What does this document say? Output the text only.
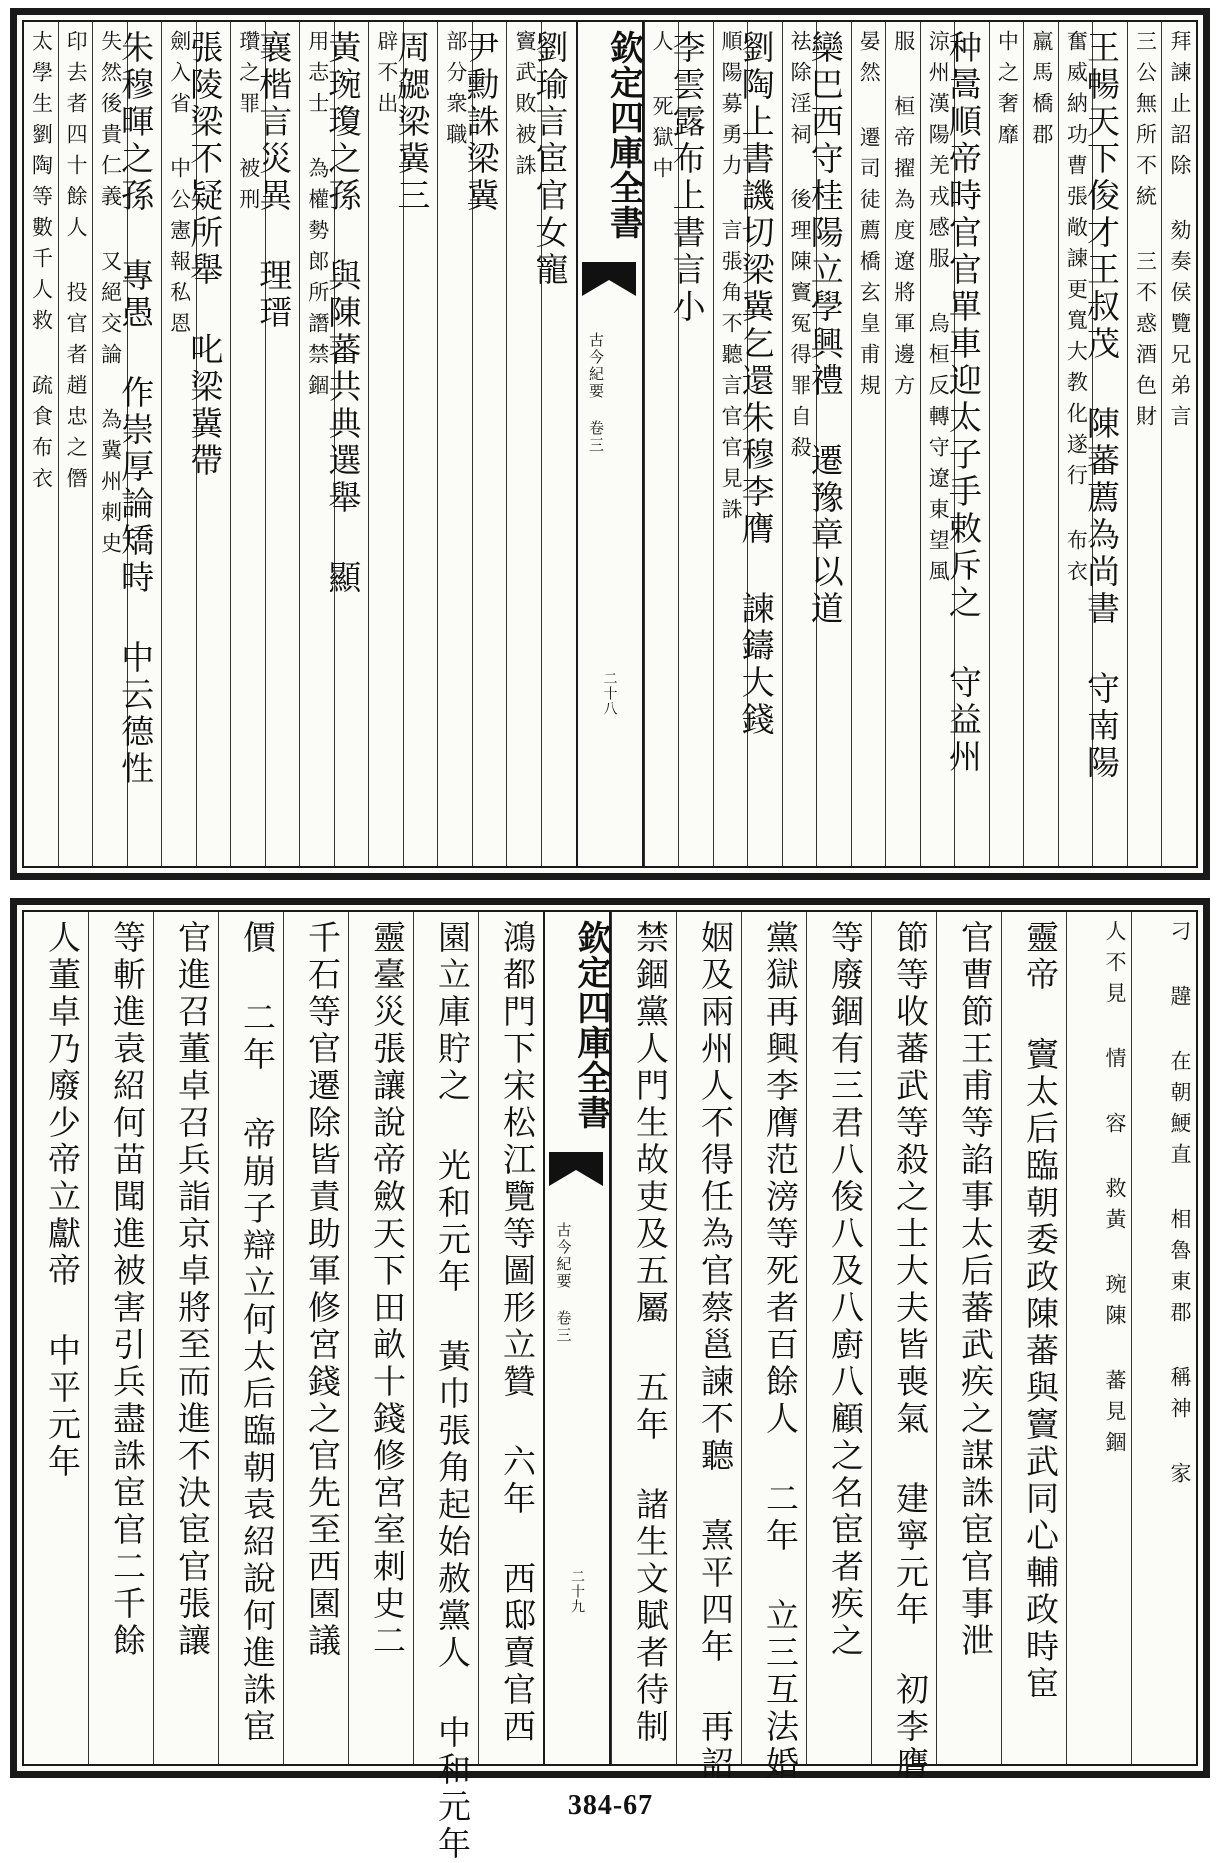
拜諫止詔除 劾奏侯覽兄弟言
三公無所不統 三不惑酒色財
王暢天下俊才王叔茂 陳蕃薦為尚書 守南陽
奮威納功曹張敞諫更寬大教化遂行 布衣
羸馬橋郡
中之奢靡
种暠順帝時官官單車迎太子手敕斥之 守益州
涼州漢陽羌戎感服 烏桓反轉守遼東望風
服 桓帝擢為度遼將軍邊方
晏然 遷司徒薦橋玄皇甫規
欒巴西守桂陽立學興禮 遷豫章以道
祛除淫祠 後理陳竇冤得罪自殺
劉陶上書譏切梁冀乞還朱穆李膺 諫鑄大錢
順陽募勇力 言張角不聽言官官見誅
李雲露布上書言小
人 死獄中
欽定四庫全書
古今紀要 卷三
二十八
劉瑜言宦官女寵
竇武敗被誅
尹勳誅梁冀
部分衆職
周勰梁冀三
辟不出
黃琬瓊之孫 與陳蕃共典選舉 顯
用志士 為權勢郎所譖禁錮
襄楷言災異 理瑨
瓚之罪 被刑
張陵梁不疑所舉 叱梁冀帶
劍入省 中公憲報私恩
朱穆暉之孫 專愚 作崇厚論矯時 中云德性
失然後貴仁義 又絕交論 為冀州刺史
印去者四十餘人 投官者趙忠之僭
太學生劉陶等數千人救 疏食布衣
刁 韙 在朝鯁直 相魯東郡 稱神 家
人不見 情 容 救黃 琬陳 蕃見錮
靈帝 竇太后臨朝委政陳蕃與竇武同心輔政時宦
官曹節王甫等諂事太后蕃武疾之謀誅宦官事泄
節等收蕃武等殺之士大夫皆喪氣 建寧元年 初李膺
等廢錮有三君八俊八及八廚八顧之名宦者疾之
黨獄再興李膺范滂等死者百餘人 二年 立三互法婚
姻及兩州人不得任為官蔡邕諫不聽 熹平四年 再詔
禁錮黨人門生故吏及五屬 五年 諸生文賦者待制
欽定四庫全書
古今紀要 卷三
二十九
鴻都門下宋松江覽等圖形立贊 六年 西邸賣官西
園立庫貯之 光和元年 黃巾張角起始赦黨人 中和元年
靈臺災張讓說帝斂天下田畝十錢修宮室刺史二
千石等官遷除皆責助軍修宮錢之官先至西園議
價 二年 帝崩子辯立何太后臨朝袁紹說何進誅宦
官進召董卓召兵詣京卓將至而進不決宦官張讓
等斬進袁紹何苗聞進被害引兵盡誅宦官二千餘
人董卓乃廢少帝立獻帝 中平元年
384-67
